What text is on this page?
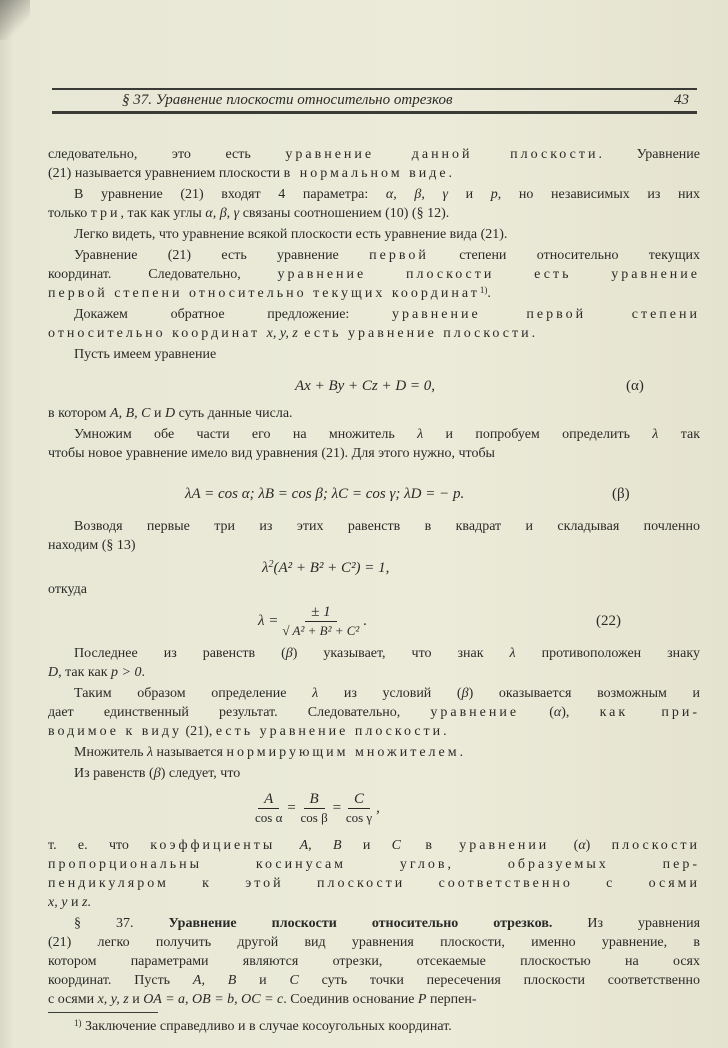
§ 37. Уравнение плоскости относительно отрезков	43
следовательно, это есть уравнение данной плоскости. Уравнение
(21) называется уравнением плоскости в нормальном виде.
В уравнение (21) входят 4 параметра: α, β, γ и p, но независимых из них
только три, так как углы α, β, γ связаны соотношением (10) (§ 12).
Легко видеть, что уравнение всякой плоскости есть уравнение вида (21).
Уравнение (21) есть уравнение первой степени относительно текущих
координат. Следовательно, уравнение плоскости есть уравнение
первой степени относительно текущих координат$^{1)}$.
Докажем обратное предложение: уравнение первой степени
относительно координат x, y, z есть уравнение плоскости.
Пусть имеем уравнение
в котором A, B, C и D суть данные числа.
Умножим обе части его на множитель λ и попробуем определить λ так
чтобы новое уравнение имело вид уравнения (21). Для этого нужно, чтобы
Возводя первые три из этих равенств в квадрат и складывая почленно
находим (§ 13)
откуда
Последнее из равенств (β) указывает, что знак λ противоположен знаку
D, так как p > 0.
Таким образом определение λ из условий (β) оказывается возможным и
дает единственный результат. Следовательно, уравнение (α), как при-
водимое к виду (21), есть уравнение плоскости.
Множитель λ называется нормирующим множителем.
Из равенств (β) следует, что
т. е. что коэффициенты A, B и C в уравнении (α) плоскости
пропорциональны косинусам углов, образуемых пер-
пендикуляром к этой плоскости соответственно с осями
x, y и z.
§ 37. Уравнение плоскости относительно отрезков. Из уравнения
(21) легко получить другой вид уравнения плоскости, именно уравнение, в
котором параметрами являются отрезки, отсекаемые плоскостью на осях
координат. Пусть A, B и C суть точки пересечения плоскости соответственно
с осями x, y, z и OA = a, OB = b, OC = c. Соединив основание P перпен-
$^{1)}$ Заключение справедливо и в случае косоугольных координат.
Ax + By + Cz + D = 0,	(α)
λA = cos α; λB = cos β; λC = cos γ; λD = − p.	(β)
$\lambda^2(A^2 + B^2 + C^2) = 1$,
$\lambda = \frac{\pm 1}{\text{√ A² + B² + C²}}$ .	(22)
$\frac{A}{\text{cos α}} = \frac{B}{\text{cos β}} = \frac{C}{\text{cos γ}}$ ,
